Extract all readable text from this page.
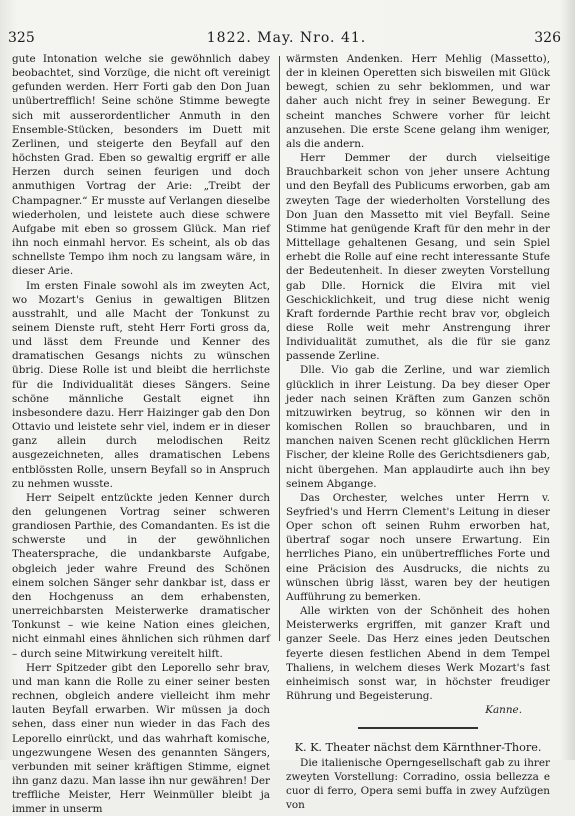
325	1822. May. Nro. 41.	326

gute Intonation welche sie gewöhnlich dabey beobachtet, sind Vorzüge, die nicht oft vereinigt gefunden werden. Herr Forti gab den Don Juan unübertrefflich! Seine schöne Stimme bewegte sich mit ausserordentlicher Anmuth in den Ensemble-Stücken, besonders im Duett mit Zerlinen, und steigerte den Beyfall auf den höchsten Grad. Eben so gewaltig ergriff er alle Herzen durch seinen feurigen und doch anmuthigen Vortrag der Arie: „Treibt der Champagner.“ Er musste auf Verlangen dieselbe wiederholen, und leistete auch diese schwere Aufgabe mit eben so grossem Glück. Man rief ihn noch einmahl hervor. Es scheint, als ob das schnellste Tempo ihm noch zu langsam wäre, in dieser Arie.

Im ersten Finale sowohl als im zweyten Act, wo Mozart's Genius in gewaltigen Blitzen ausstrahlt, und alle Macht der Tonkunst zu seinem Dienste ruft, steht Herr Forti gross da, und lässt dem Freunde und Kenner des dramatischen Gesangs nichts zu wünschen übrig. Diese Rolle ist und bleibt die herrlichste für die Individualität dieses Sängers. Seine schöne männliche Gestalt eignet ihn insbesondere dazu. Herr Haizinger gab den Don Ottavio und leistete sehr viel, indem er in dieser ganz allein durch melodischen Reitz ausgezeichneten, alles dramatischen Lebens entblössten Rolle, unsern Beyfall so in Anspruch zu nehmen wusste.

Herr Seipelt entzückte jeden Kenner durch den gelungenen Vortrag seiner schweren grandiosen Parthie, des Comandanten. Es ist die schwerste und in der gewöhnlichen Theatersprache, die undankbarste Aufgabe, obgleich jeder wahre Freund des Schönen einem solchen Sänger sehr dankbar ist, dass er den Hochgenuss an dem erhabensten, unerreichbarsten Meisterwerke dramatischer Tonkunst – wie keine Nation eines gleichen, nicht einmahl eines ähnlichen sich rühmen darf – durch seine Mitwirkung vereitelt hilft.

Herr Spitzeder gibt den Leporello sehr brav, und man kann die Rolle zu einer seiner besten rechnen, obgleich andere vielleicht ihm mehr lauten Beyfall erwarben. Wir müssen ja doch sehen, dass einer nun wieder in das Fach des Leporello einrückt, und das wahrhaft komische, ungezwungene Wesen des genannten Sängers, verbunden mit seiner kräftigen Stimme, eignet ihn ganz dazu. Man lasse ihn nur gewähren! Der treffliche Meister, Herr Weinmüller bleibt ja immer in unserm

wärmsten Andenken. Herr Mehlig (Massetto), der in kleinen Operetten sich bisweilen mit Glück bewegt, schien zu sehr beklommen, und war daher auch nicht frey in seiner Bewegung. Er scheint manches Schwere vorher für leicht anzusehen. Die erste Scene gelang ihm weniger, als die andern.

Herr Demmer der durch vielseitige Brauchbarkeit schon von jeher unsere Achtung und den Beyfall des Publicums erworben, gab am zweyten Tage der wiederholten Vorstellung des Don Juan den Massetto mit viel Beyfall. Seine Stimme hat genügende Kraft für den mehr in der Mittellage gehaltenen Gesang, und sein Spiel erhebt die Rolle auf eine recht interessante Stufe der Bedeutenheit. In dieser zweyten Vorstellung gab Dlle. Hornick die Elvira mit viel Geschicklichkeit, und trug diese nicht wenig Kraft fordernde Parthie recht brav vor, obgleich diese Rolle weit mehr Anstrengung ihrer Individualität zumuthet, als die für sie ganz passende Zerline.

Dlle. Vio gab die Zerline, und war ziemlich glücklich in ihrer Leistung. Da bey dieser Oper jeder nach seinen Kräften zum Ganzen schön mitzuwirken beytrug, so können wir den in komischen Rollen so brauchbaren, und in manchen naiven Scenen recht glücklichen Herrn Fischer, der kleine Rolle des Gerichtsdieners gab, nicht übergehen. Man applaudirte auch ihn bey seinem Abgange.

Das Orchester, welches unter Herrn v. Seyfried's und Herrn Clement's Leitung in dieser Oper schon oft seinen Ruhm erworben hat, übertraf sogar noch unsere Erwartung. Ein herrliches Piano, ein unübertreffliches Forte und eine Präcision des Ausdrucks, die nichts zu wünschen übrig lässt, waren bey der heutigen Aufführung zu bemerken.

Alle wirkten von der Schönheit des hohen Meisterwerks ergriffen, mit ganzer Kraft und ganzer Seele. Das Herz eines jeden Deutschen feyerte diesen festlichen Abend in dem Tempel Thaliens, in welchem dieses Werk Mozart's fast einheimisch sonst war, in höchster freudiger Rührung und Begeisterung.

Kanne.

K. K. Theater nächst dem Kärnthner-Thore.

Die italienische Operngesellschaft gab zu ihrer zweyten Vorstellung: Corradino, ossia bellezza e cuor di ferro, Opera semi buffa in zwey Aufzügen von
